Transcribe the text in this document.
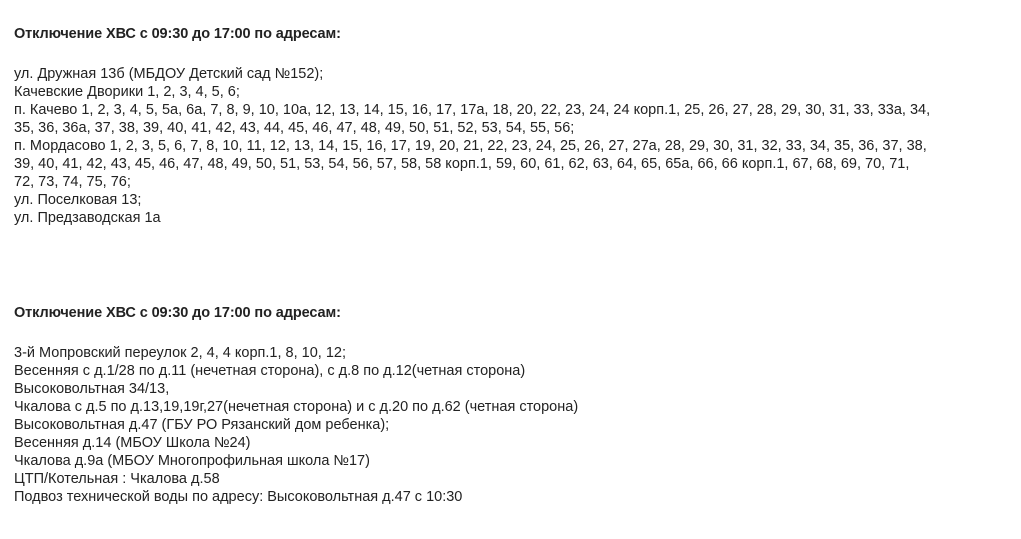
Отключение ХВС с 09:30 до 17:00 по адресам:
ул. Дружная 13б (МБДОУ Детский сад №152);
Качевские Дворики 1, 2, 3, 4, 5, 6;
п. Качево 1, 2, 3, 4, 5, 5а, 6а, 7, 8, 9, 10, 10а, 12, 13, 14, 15, 16, 17, 17а, 18, 20, 22, 23, 24, 24 корп.1, 25, 26, 27, 28, 29, 30, 31, 33, 33а, 34,
35, 36, 36а, 37, 38, 39, 40, 41, 42, 43, 44, 45, 46, 47, 48, 49, 50, 51, 52, 53, 54, 55, 56;
п. Мордасово 1, 2, 3, 5, 6, 7, 8, 10, 11, 12, 13, 14, 15, 16, 17, 19, 20, 21, 22, 23, 24, 25, 26, 27, 27а, 28, 29, 30, 31, 32, 33, 34, 35, 36, 37, 38,
39, 40, 41, 42, 43, 45, 46, 47, 48, 49, 50, 51, 53, 54, 56, 57, 58, 58 корп.1, 59, 60, 61, 62, 63, 64, 65, 65а, 66, 66 корп.1, 67, 68, 69, 70, 71,
72, 73, 74, 75, 76;
ул. Поселковая 13;
ул. Предзаводская 1а
Отключение ХВС с 09:30 до 17:00 по адресам:
3-й Мопровский переулок 2, 4, 4 корп.1, 8, 10, 12;
Весенняя с д.1/28 по д.11 (нечетная сторона), с д.8 по д.12(четная сторона)
Высоковольтная 34/13,
Чкалова с д.5 по д.13,19,19г,27(нечетная сторона) и с д.20 по д.62 (четная сторона)
Высоковольтная д.47 (ГБУ РО Рязанский дом ребенка);
Весенняя д.14 (МБОУ Школа №24)
Чкалова д.9а (МБОУ Многопрофильная школа №17)
ЦТП/Котельная : Чкалова д.58
Подвоз технической воды по адресу: Высоковольтная д.47 с 10:30
